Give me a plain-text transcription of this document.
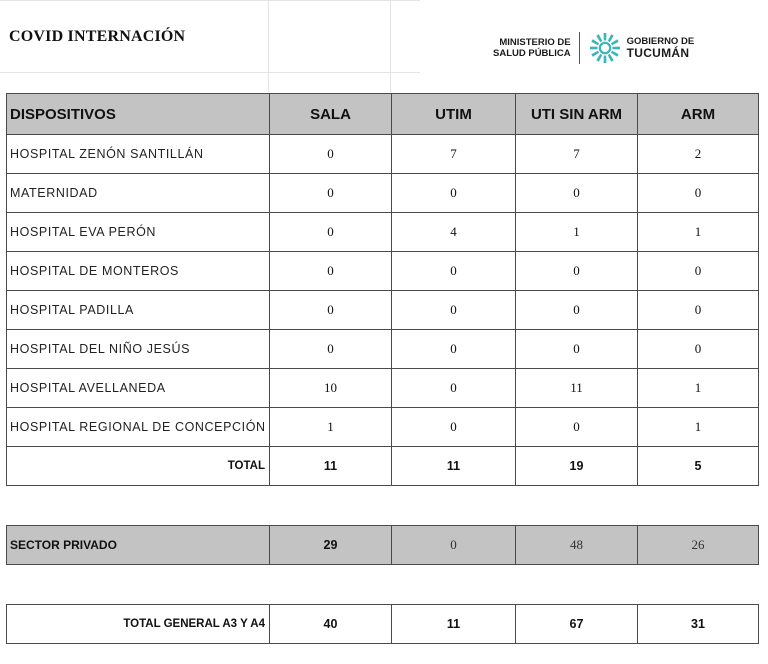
COVID INTERNACIÓN	MINISTERIO DE
SALUD PÚBLICA
GOBIERNO DE
TUCUMÁN
DISPOSITIVOS	SALA	UTIM	UTI SIN ARM	ARM
HOSPITAL ZENÓN SANTILLÁN	0	7	7	2
MATERNIDAD	0	0	0	0
HOSPITAL EVA PERÓN	0	4	1	1
HOSPITAL DE MONTEROS	0	0	0	0
HOSPITAL PADILLA	0	0	0	0
HOSPITAL DEL NIÑO JESÚS	0	0	0	0
HOSPITAL AVELLANEDA	10	0	11	1
HOSPITAL REGIONAL DE CONCEPCIÓN	1	0	0	1
TOTAL	11	11	19	5

SECTOR PRIVADO	29	0	48	26

TOTAL GENERAL A3 Y A4	40	11	67	31
